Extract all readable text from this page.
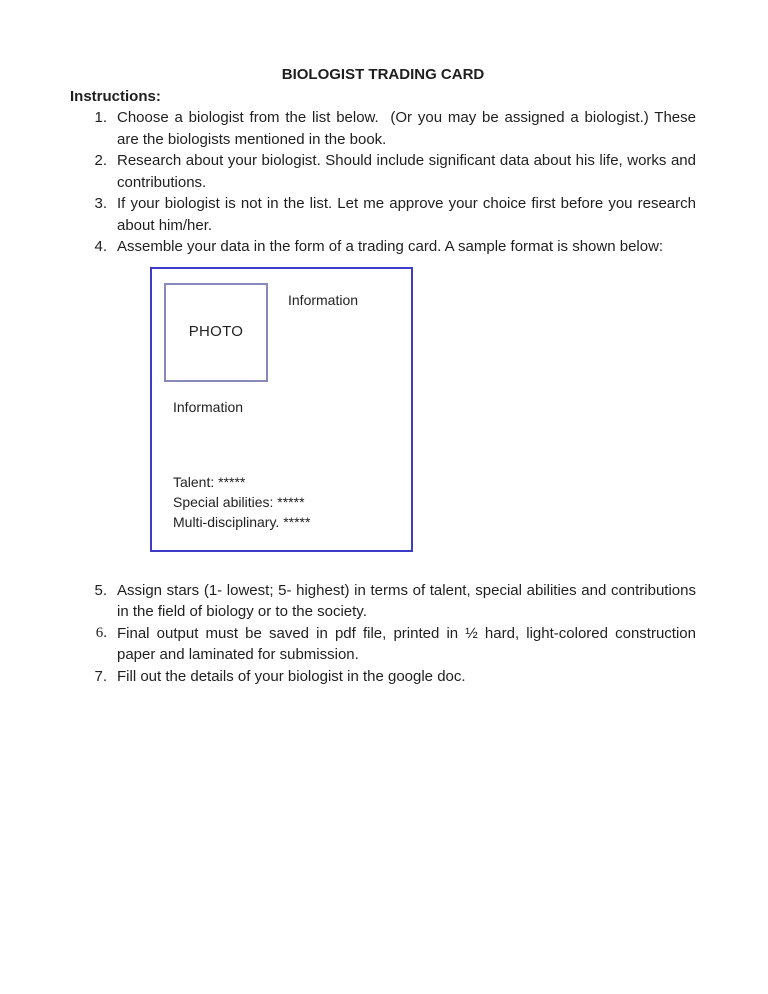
BIOLOGIST TRADING CARD
Instructions:
1. Choose a biologist from the list below.  (Or you may be assigned a biologist.) These are the biologists mentioned in the book.
2. Research about your biologist. Should include significant data about his life, works and contributions.
3. If your biologist is not in the list. Let me approve your choice first before you research about him/her.
4. Assemble your data in the form of a trading card. A sample format is shown below:
PHOTO
Information
Information
Talent: *****
Special abilities: *****
Multi-disciplinary. *****
5. Assign stars (1- lowest; 5- highest) in terms of talent, special abilities and contributions in the field of biology or to the society.
6. Final output must be saved in pdf file, printed in ½ hard, light-colored construction paper and laminated for submission.
7. Fill out the details of your biologist in the google doc.
